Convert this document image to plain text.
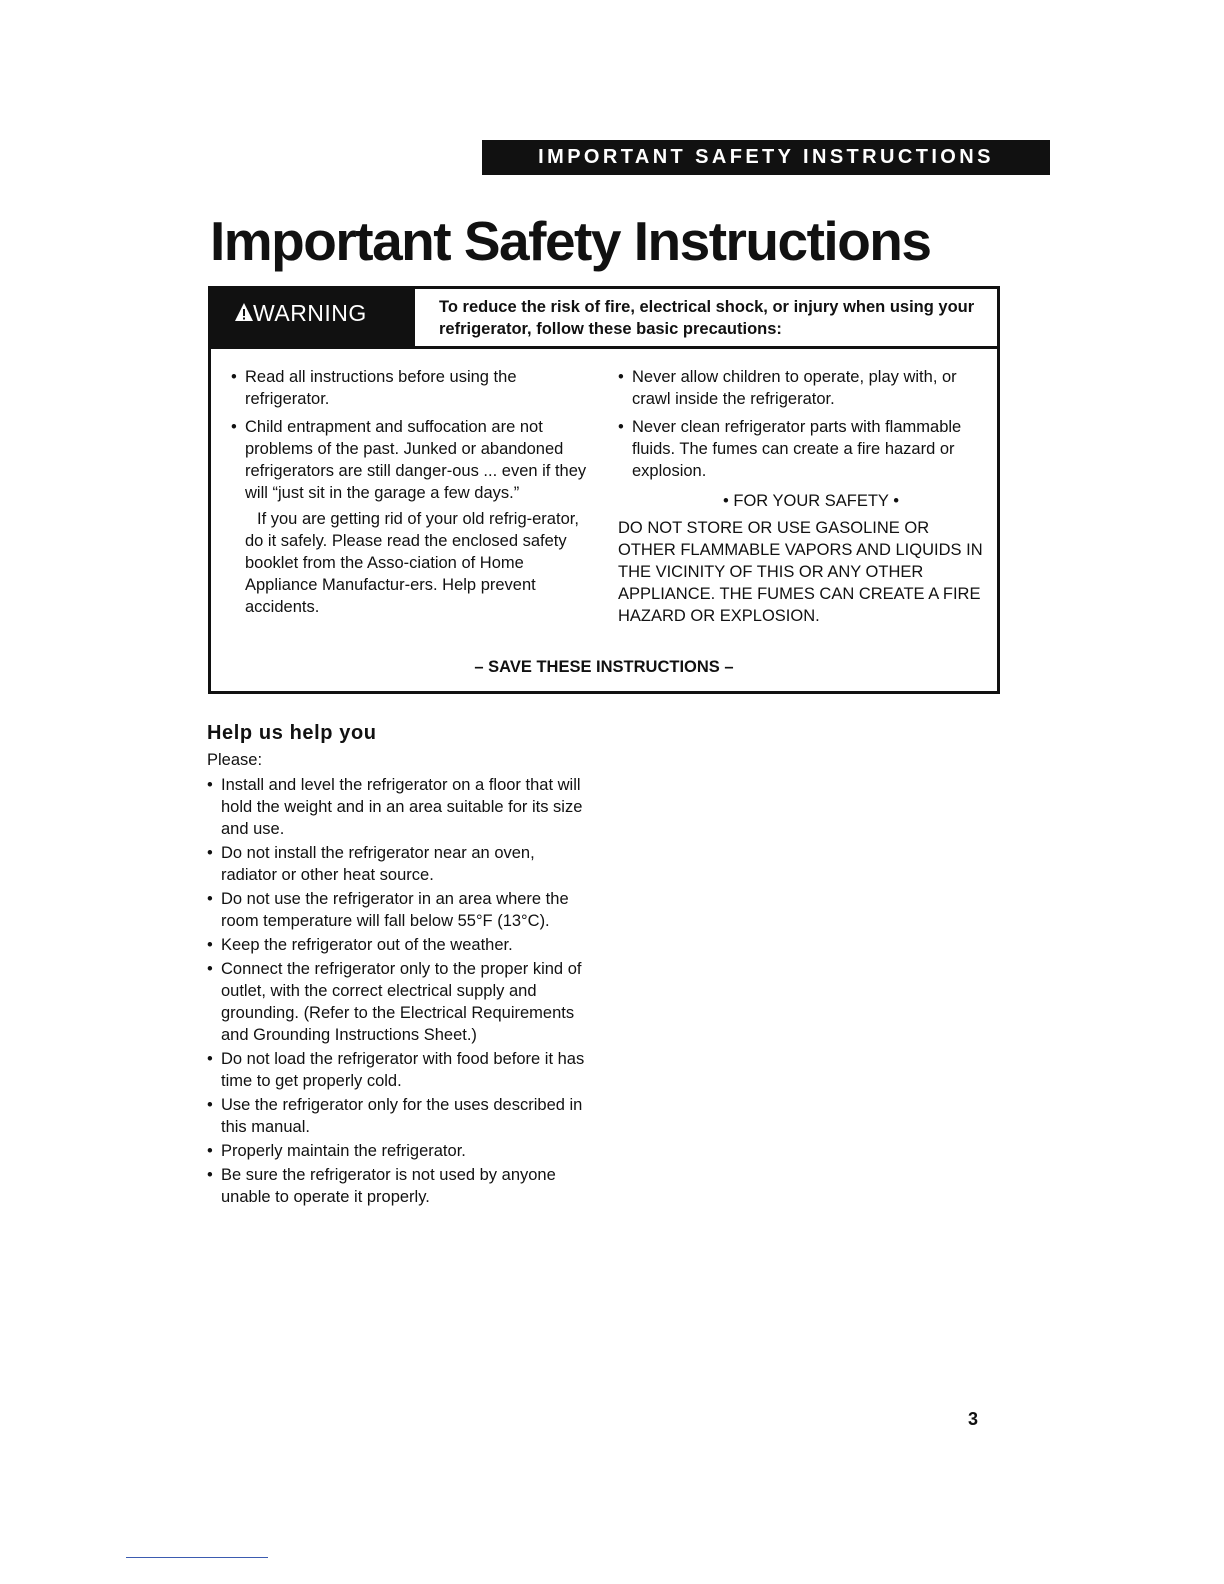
IMPORTANT SAFETY INSTRUCTIONS
Important Safety Instructions
WARNING	To reduce the risk of fire, electrical shock, or injury when using your refrigerator, follow these basic precautions:
• Read all instructions before using the refrigerator.
• Child entrapment and suffocation are not problems of the past. Junked or abandoned refrigerators are still danger-ous ... even if they will “just sit in the garage a few days.”
If you are getting rid of your old refrig-erator, do it safely. Please read the enclosed safety booklet from the Asso-ciation of Home Appliance Manufactur-ers. Help prevent accidents.
• Never allow children to operate, play with, or crawl inside the refrigerator.
• Never clean refrigerator parts with flammable fluids. The fumes can create a fire hazard or explosion.
• FOR YOUR SAFETY •
DO NOT STORE OR USE GASOLINE OR OTHER FLAMMABLE VAPORS AND LIQUIDS IN THE VICINITY OF THIS OR ANY OTHER APPLIANCE. THE FUMES CAN CREATE A FIRE HAZARD OR EXPLOSION.
– SAVE THESE INSTRUCTIONS –
Help us help you
Please:
• Install and level the refrigerator on a floor that will hold the weight and in an area suitable for its size and use.
• Do not install the refrigerator near an oven, radiator or other heat source.
• Do not use the refrigerator in an area where the room temperature will fall below 55°F (13°C).
• Keep the refrigerator out of the weather.
• Connect the refrigerator only to the proper kind of outlet, with the correct electrical supply and grounding. (Refer to the Electrical Requirements and Grounding Instructions Sheet.)
• Do not load the refrigerator with food before it has time to get properly cold.
• Use the refrigerator only for the uses described in this manual.
• Properly maintain the refrigerator.
• Be sure the refrigerator is not used by anyone unable to operate it properly.
3
